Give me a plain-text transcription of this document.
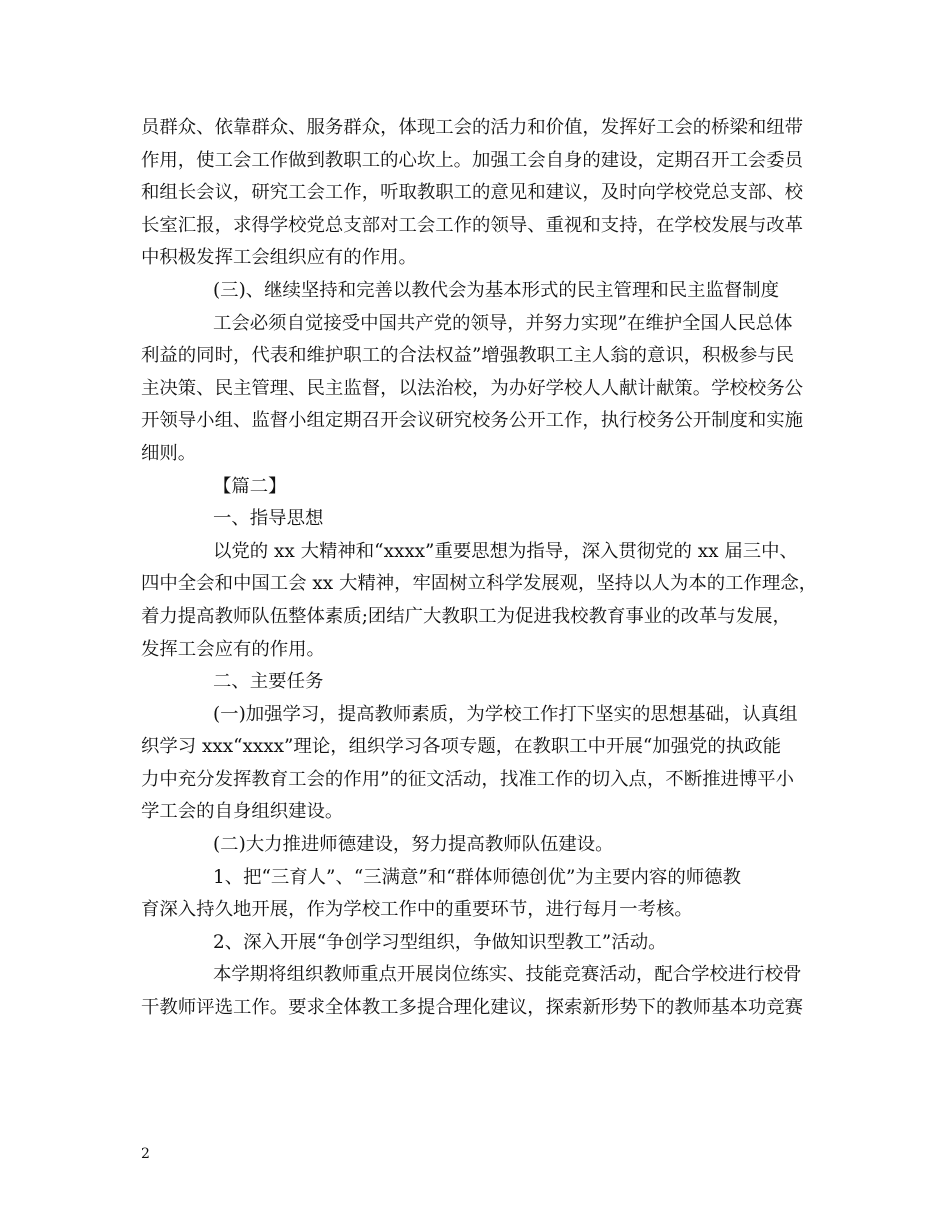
员群众、依靠群众、服务群众，体现工会的活力和价值，发挥好工会的桥梁和纽带
作用，使工会工作做到教职工的心坎上。加强工会自身的建设，定期召开工会委员
和组长会议，研究工会工作，听取教职工的意见和建议，及时向学校党总支部、校
长室汇报，求得学校党总支部对工会工作的领导、重视和支持，在学校发展与改革
中积极发挥工会组织应有的作用。
(三)、继续坚持和完善以教代会为基本形式的民主管理和民主监督制度
工会必须自觉接受中国共产党的领导，并努力实现”在维护全国人民总体
利益的同时，代表和维护职工的合法权益”增强教职工主人翁的意识，积极参与民
主决策、民主管理、民主监督，以法治校，为办好学校人人献计献策。学校校务公
开领导小组、监督小组定期召开会议研究校务公开工作，执行校务公开制度和实施
细则。
【篇二】
一、指导思想
以党的 xx 大精神和“xxxx”重要思想为指导，深入贯彻党的 xx 届三中、
四中全会和中国工会 xx 大精神，牢固树立科学发展观，坚持以人为本的工作理念，
着力提高教师队伍整体素质;团结广大教职工为促进我校教育事业的改革与发展，
发挥工会应有的作用。
二、主要任务
(一)加强学习，提高教师素质，为学校工作打下坚实的思想基础，认真组
织学习 xxx“xxxx”理论，组织学习各项专题，在教职工中开展“加强党的执政能
力中充分发挥教育工会的作用”的征文活动，找准工作的切入点，不断推进博平小
学工会的自身组织建设。
(二)大力推进师德建设，努力提高教师队伍建设。
1、把“三育人”、“三满意”和“群体师德创优”为主要内容的师德教
育深入持久地开展，作为学校工作中的重要环节，进行每月一考核。
2、深入开展“争创学习型组织，争做知识型教工”活动。
本学期将组织教师重点开展岗位练实、技能竞赛活动，配合学校进行校骨
干教师评选工作。要求全体教工多提合理化建议，探索新形势下的教师基本功竞赛
2
